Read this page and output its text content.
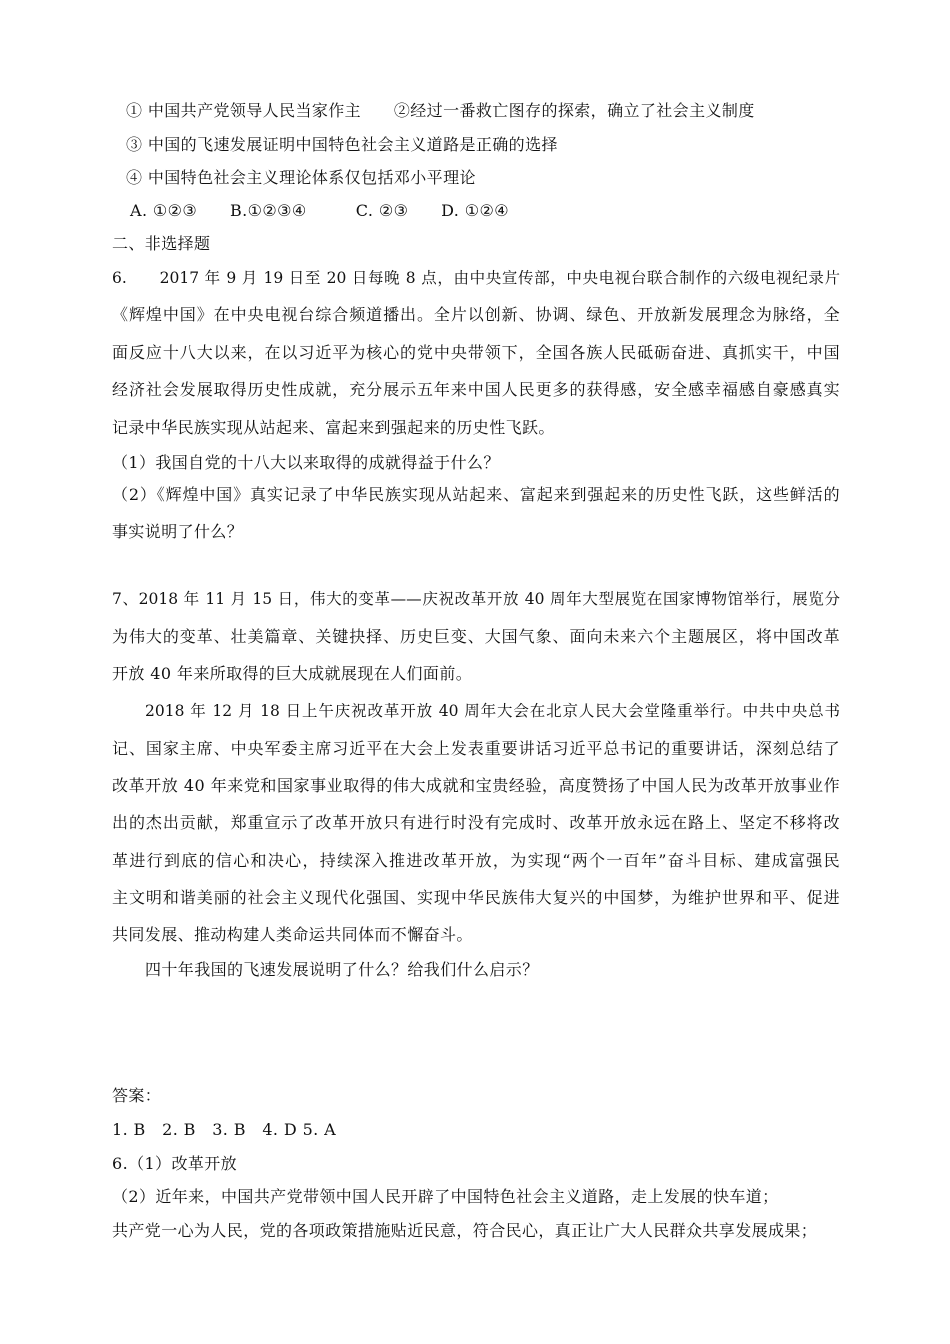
① 中国共产党领导人民当家作主　　②经过一番救亡图存的探索，确立了社会主义制度
③ 中国的飞速发展证明中国特色社会主义道路是正确的选择
④ 中国特色社会主义理论体系仅包括邓小平理论
A. ①②③　　B.①②③④　　　C. ②③　　D. ①②④
二、非选择题
6.　　2017 年 9 月 19 日至 20 日每晚 8 点，由中央宣传部，中央电视台联合制作的六级电视纪录片
《辉煌中国》在中央电视台综合频道播出。全片以创新、协调、绿色、开放新发展理念为脉络，全
面反应十八大以来，在以习近平为核心的党中央带领下，全国各族人民砥砺奋进、真抓实干，中国
经济社会发展取得历史性成就，充分展示五年来中国人民更多的获得感，安全感幸福感自豪感真实
记录中华民族实现从站起来、富起来到强起来的历史性飞跃。
（1）我国自党的十八大以来取得的成就得益于什么？
（2）《辉煌中国》真实记录了中华民族实现从站起来、富起来到强起来的历史性飞跃，这些鲜活的
事实说明了什么？
7、2018 年 11 月 15 日，伟大的变革——庆祝改革开放 40 周年大型展览在国家博物馆举行，展览分
为伟大的变革、壮美篇章、关键抉择、历史巨变、大国气象、面向未来六个主题展区，将中国改革
开放 40 年来所取得的巨大成就展现在人们面前。
2018 年 12 月 18 日上午庆祝改革开放 40 周年大会在北京人民大会堂隆重举行。中共中央总书
记、国家主席、中央军委主席习近平在大会上发表重要讲话习近平总书记的重要讲话，深刻总结了
改革开放 40 年来党和国家事业取得的伟大成就和宝贵经验，高度赞扬了中国人民为改革开放事业作
出的杰出贡献，郑重宣示了改革开放只有进行时没有完成时、改革开放永远在路上、坚定不移将改
革进行到底的信心和决心，持续深入推进改革开放，为实现“两个一百年”奋斗目标、建成富强民
主文明和谐美丽的社会主义现代化强国、实现中华民族伟大复兴的中国梦，为维护世界和平、促进
共同发展、推动构建人类命运共同体而不懈奋斗。
四十年我国的飞速发展说明了什么？给我们什么启示？
答案：
1. B　2. B　3. B　4. D 5. A
6.（1）改革开放
（2）近年来，中国共产党带领中国人民开辟了中国特色社会主义道路，走上发展的快车道；
共产党一心为人民，党的各项政策措施贴近民意，符合民心，真正让广大人民群众共享发展成果；
